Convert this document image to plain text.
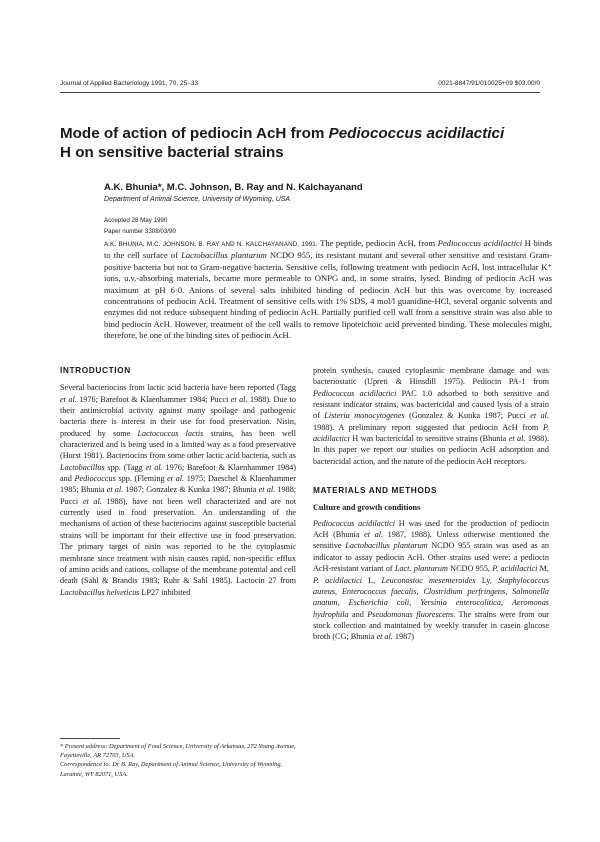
Journal of Applied Bacteriology 1991, 70, 25–33	0021-8847/91/010025+09 $03.00/0
Mode of action of pediocin AcH from Pediococcus acidilactici
H on sensitive bacterial strains
A.K. Bhunia*, M.C. Johnson, B. Ray and N. Kalchayanand
Department of Animal Science, University of Wyoming, USA
Accepted 28 May 1990
Paper number 3308/03/90
A.K. BHUNIA, M.C. JOHNSON, B. RAY AND N. KALCHAYANAND. 1991. The peptide, pediocin AcH, from Pediococcus acidilactici H binds to the cell surface of Lactobacillus plantarum NCDO 955, its resistant mutant and several other sensitive and resistant Gram-positive bacteria but not to Gram-negative bacteria. Sensitive cells, following treatment with pediocin AcH, lost intracellular K⁺ ions, u.v.-absorbing materials, became more permeable to ONPG and, in some strains, lysed. Binding of pediocin AcH was maximum at pH 6·0. Anions of several salts inhibited binding of pediocin AcH but this was overcome by increased concentrations of pediocin AcH. Treatment of sensitive cells with 1% SDS, 4 mol/l guanidine-HCl, several organic solvents and enzymes did not reduce subsequent binding of pediocin AcH. Partially purified cell wall from a sensitive strain was also able to bind pediocin AcH. However, treatment of the cell walls to remove lipoteichoic acid prevented binding. These molecules might, therefore, be one of the binding sites of pediocin AcH.
INTRODUCTION

Several bacteriocins from lactic acid bacteria have been reported (Tagg et al. 1976; Barefoot & Klaenhammer 1984; Pucci et al. 1988). Due to their antimicrobial activity against many spoilage and pathogenic bacteria there is interest in their use for food preservation. Nisin, produced by some Lactococcus lactis strains, has been well characterized and is being used in a limited way as a food preservative (Hurst 1981). Bacteriocins from some other lactic acid bacteria, such as Lactobacillus spp. (Tagg et al. 1976; Barefoot & Klaenhammer 1984) and Pediococcus spp. (Fleming et al. 1975; Daeschel & Klaenhammer 1985; Bhunia et al. 1987; Gonzalez & Kunka 1987; Bhunia et al. 1988; Pucci et al. 1988), have not been well characterized and are not currently used in food preservation. An understanding of the mechanisms of action of these bacteriocins against susceptible bacterial strains will be important for their effective use in food preservation. The primary target of nisin was reported to be the cytoplasmic membrane since treatment with nisin causes rapid, non-specific efflux of amino acids and cations, collapse of the membrane potential and cell death (Sahl & Brandis 1983; Ruhr & Sahl 1985). Lactocin 27 from Lactobacillus helveticus LP27 inhibited

protein synthesis, caused cytoplasmic membrane damage and was bacteriostatic (Upreti & Hinsdill 1975). Pediocin PA-1 from Pediococcus acidilactici PAC 1.0 adsorbed to both sensitive and resistant indicator strains, was bactericidal and caused lysis of a strain of Listeria monocytogenes (Gonzalez & Kunka 1987; Pucci et al. 1988). A preliminary report suggested that pediocin AcH from P. acidilactici H was bactericidal to sensitive strains (Bhunia et al. 1988). In this paper we report our studies on pediocin AcH adsorption and bactericidal action, and the nature of the pediocin AcH receptors.

MATERIALS AND METHODS
Culture and growth conditions

Pediococcus acidilactici H was used for the production of pediocin AcH (Bhunia et al. 1987, 1988). Unless otherwise mentioned the sensitive Lactobacillus plantarum NCDO 955 strain was used as an indicator to assay pediocin AcH. Other strains used were: a pediocin AcH-resistant variant of Lact. plantarum NCDO 955, P. acidilactici M, P. acidilactici L, Leuconostoc mesenteroides Ly, Staphylococcus aureus, Enterococcus faecalis, Clostridium perfringens, Salmonella anatum, Escherichia coli, Yersinia enterocolitica, Aeromonas hydrophila and Pseudomonas fluorescens. The strains were from our stock collection and maintained by weekly transfer in casein glucose broth (CG; Bhunia et al. 1987)

* Present address: Department of Food Science, University of Arkansas, 272 Young Avenue, Fayetteville, AR 72703, USA.

Correspondence to: Dr B. Ray, Department of Animal Science, University of Wyoming, Laramie, WY 82071, USA.
